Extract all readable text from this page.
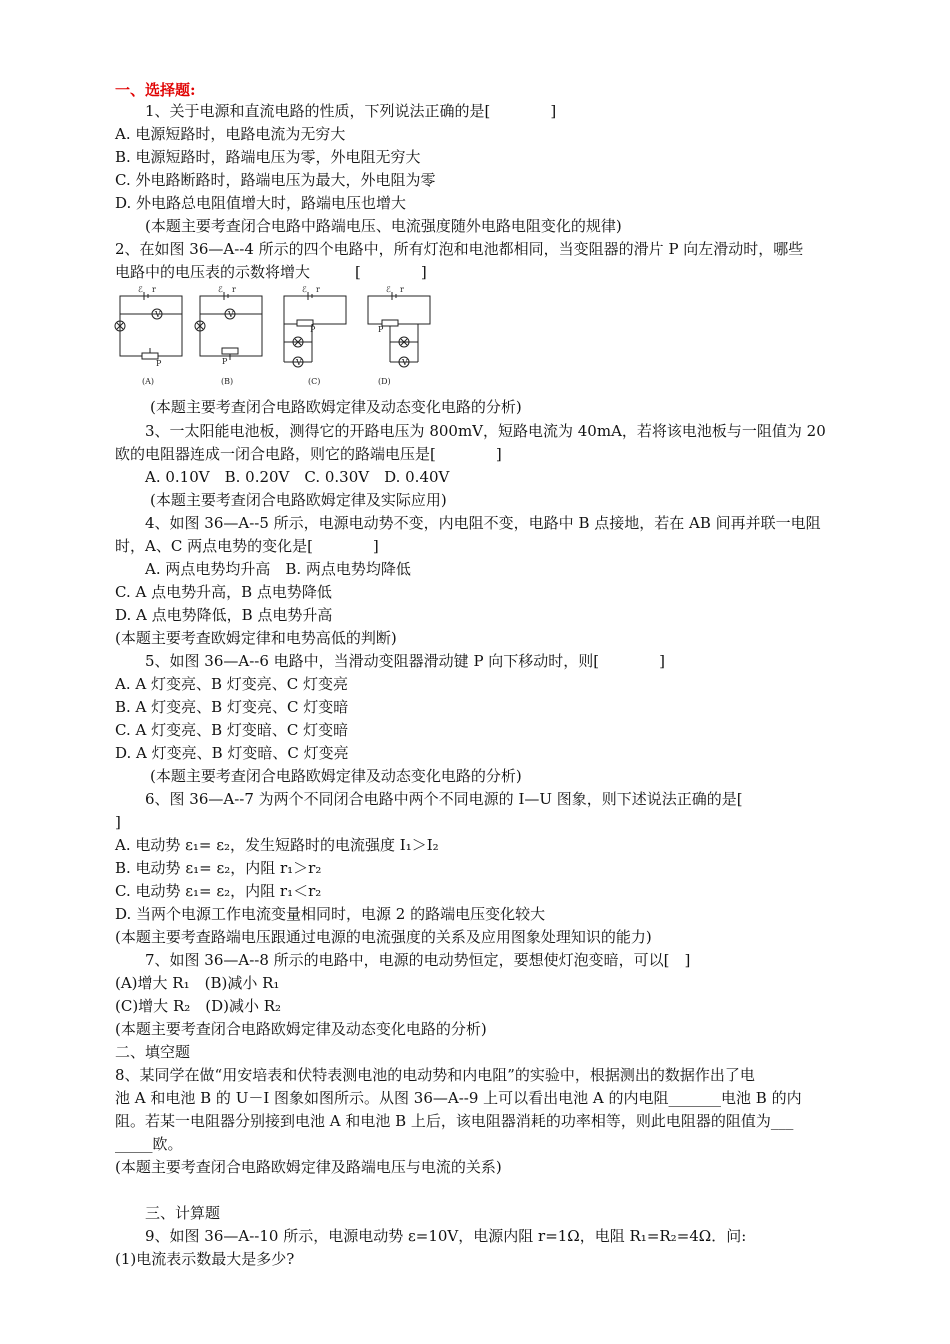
一、选择题:
1、关于电源和直流电路的性质，下列说法正确的是[　　　　]
A. 电源短路时，电路电流为无穷大
B. 电源短路时，路端电压为零，外电阻无穷大
C. 外电路断路时，路端电压为最大，外电阻为零
D. 外电路总电阻值增大时，路端电压也增大
(本题主要考查闭合电路中路端电压、电流强度随外电路电阻变化的规律)
2、在如图 36—A--4 所示的四个电路中，所有灯泡和电池都相同，当变阻器的滑片 P 向左滑动时，哪些
电路中的电压表的示数将增大　　　[　　　　]
ℰ r
V
P
ℰ r
V
P
ℰ r
P
V
ℰ r
P
V
(A)	(B)	(C)	(D)
(本题主要考查闭合电路欧姆定律及动态变化电路的分析)
3、一太阳能电池板，测得它的开路电压为 800mV，短路电流为 40mA，若将该电池板与一阻值为 20
欧的电阻器连成一闭合电路，则它的路端电压是[　　　　]
A. 0.10V　B. 0.20V　C. 0.30V　D. 0.40V
(本题主要考查闭合电路欧姆定律及实际应用)
4、如图 36—A--5 所示，电源电动势不变，内电阻不变，电路中 B 点接地，若在 AB 间再并联一电阻
时，A、C 两点电势的变化是[　　　　]
A. 两点电势均升高　B. 两点电势均降低
C. A 点电势升高，B 点电势降低
D. A 点电势降低，B 点电势升高
(本题主要考查欧姆定律和电势高低的判断)
5、如图 36—A--6 电路中，当滑动变阻器滑动键 P 向下移动时，则[　　　　]
A. A 灯变亮、B 灯变亮、C 灯变亮
B. A 灯变亮、B 灯变亮、C 灯变暗
C. A 灯变亮、B 灯变暗、C 灯变暗
D. A 灯变亮、B 灯变暗、C 灯变亮
(本题主要考查闭合电路欧姆定律及动态变化电路的分析)
6、图 36—A--7 为两个不同闭合电路中两个不同电源的 I—U 图象，则下述说法正确的是[
]
A. 电动势 ε₁= ε₂，发生短路时的电流强度 I₁＞I₂
B. 电动势 ε₁= ε₂，内阻 r₁＞r₂
C. 电动势 ε₁= ε₂，内阻 r₁＜r₂
D. 当两个电源工作电流变量相同时，电源 2 的路端电压变化较大
(本题主要考查路端电压跟通过电源的电流强度的关系及应用图象处理知识的能力)
7、如图 36—A--8 所示的电路中，电源的电动势恒定，要想使灯泡变暗，可以[　]
(A)增大 R₁　(B)减小 R₁
(C)增大 R₂　(D)减小 R₂
(本题主要考查闭合电路欧姆定律及动态变化电路的分析)
二、填空题
8、某同学在做“用安培表和伏特表测电池的电动势和内电阻”的实验中，根据测出的数据作出了电
池 A 和电池 B 的 U－I 图象如图所示。从图 36—A--9 上可以看出电池 A 的内电阻_______电池 B 的内
阻。若某一电阻器分别接到电池 A 和电池 B 上后，该电阻器消耗的功率相等，则此电阻器的阻值为___
_____欧。
(本题主要考查闭合电路欧姆定律及路端电压与电流的关系)
三、计算题
9、如图 36—A--10 所示，电源电动势 ε=10V，电源内阻 r=1Ω，电阻 R₁=R₂=4Ω．问:
(1)电流表示数最大是多少?
